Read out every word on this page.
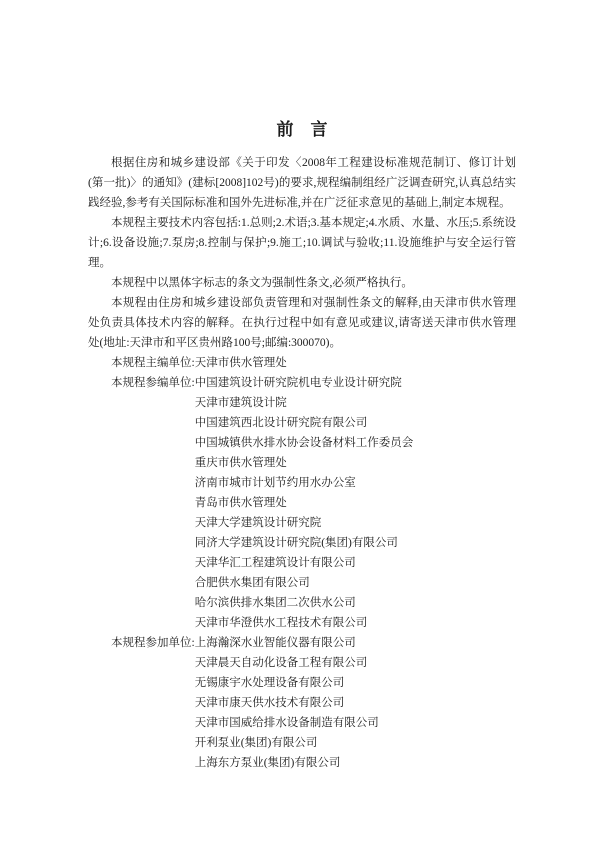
前　言

根据住房和城乡建设部《关于印发〈2008年工程建设标准规范制订、修订计划(第一批)〉的通知》(建标[2008]102号)的要求,规程编制组经广泛调查研究,认真总结实践经验,参考有关国际标准和国外先进标准,并在广泛征求意见的基础上,制定本规程。

本规程主要技术内容包括:1.总则;2.术语;3.基本规定;4.水质、水量、水压;5.系统设计;6.设备设施;7.泵房;8.控制与保护;9.施工;10.调试与验收;11.设施维护与安全运行管理。

本规程中以黑体字标志的条文为强制性条文,必须严格执行。

本规程由住房和城乡建设部负责管理和对强制性条文的解释,由天津市供水管理处负责具体技术内容的解释。在执行过程中如有意见或建议,请寄送天津市供水管理处(地址:天津市和平区贵州路100号;邮编:300070)。

本规程主编单位: 天津市供水管理处
本规程参编单位: 中国建筑设计研究院机电专业设计研究院
天津市建筑设计院
中国建筑西北设计研究院有限公司
中国城镇供水排水协会设备材料工作委员会
重庆市供水管理处
济南市城市计划节约用水办公室
青岛市供水管理处
天津大学建筑设计研究院
同济大学建筑设计研究院(集团)有限公司
天津华汇工程建筑设计有限公司
合肥供水集团有限公司
哈尔滨供排水集团二次供水公司
天津市华澄供水工程技术有限公司
本规程参加单位: 上海瀚深水业智能仪器有限公司
天津晨天自动化设备工程有限公司
无锡康宇水处理设备有限公司
天津市康天供水技术有限公司
天津市国威给排水设备制造有限公司
开利泵业(集团)有限公司
上海东方泵业(集团)有限公司
